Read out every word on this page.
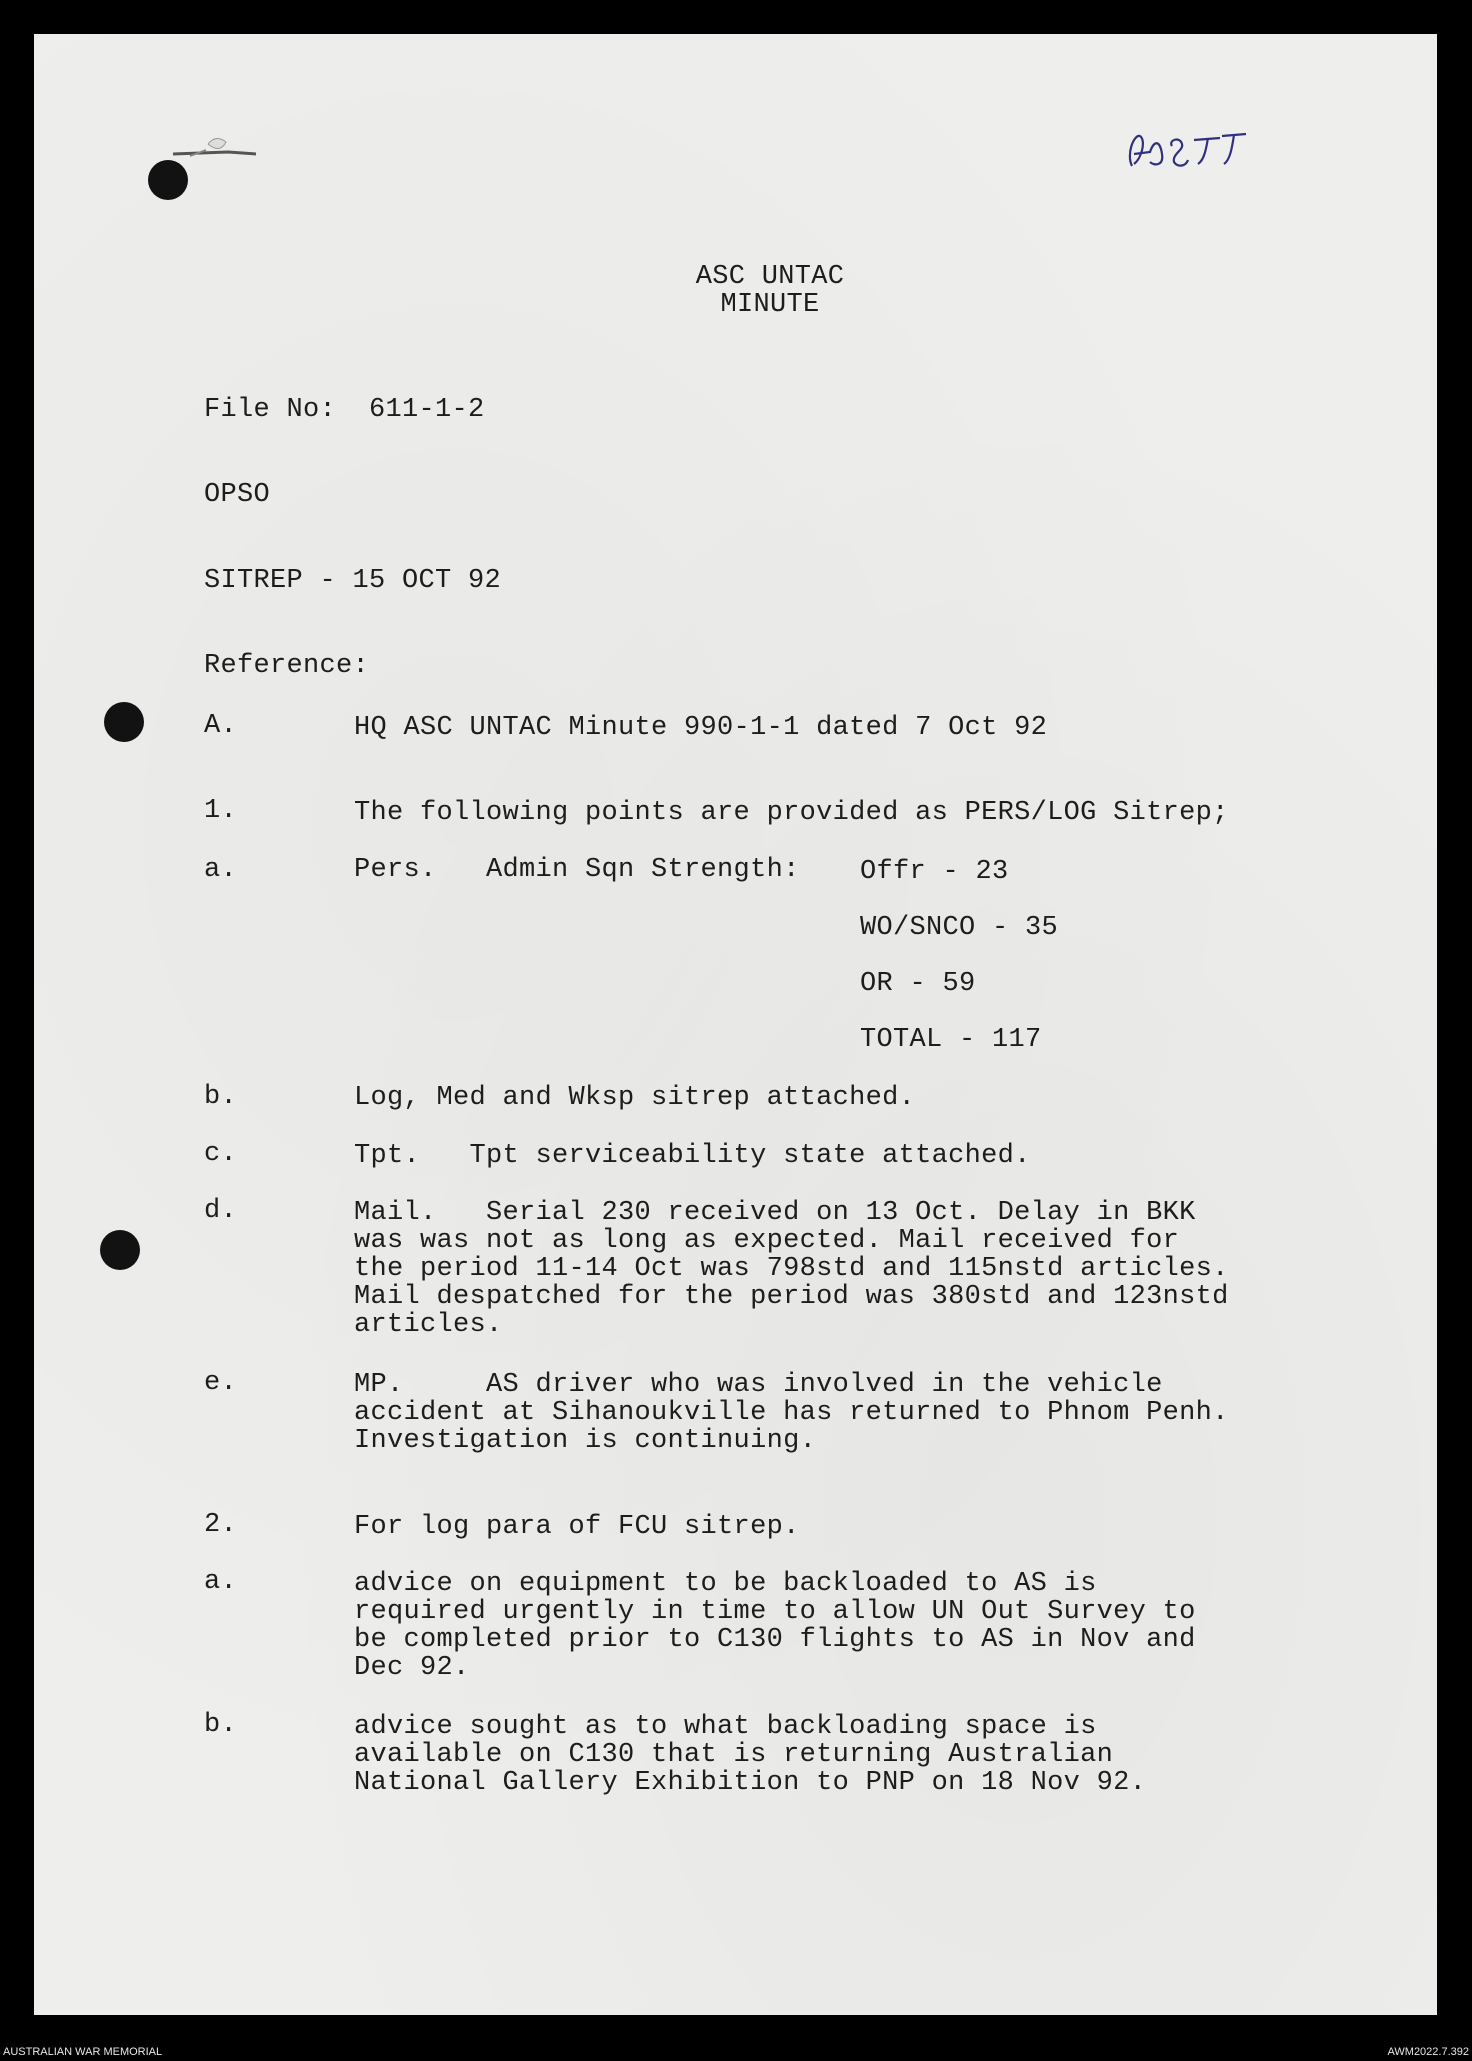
ASC UNTAC
MINUTE
File No:  611-1-2
OPSO
SITREP - 15 OCT 92
Reference:
A.	HQ ASC UNTAC Minute 990-1-1 dated 7 Oct 92
1.	The following points are provided as PERS/LOG Sitrep;
a.	Pers.   Admin Sqn Strength: Offr - 23
WO/SNCO - 35
OR - 59
TOTAL - 117
b.	Log, Med and Wksp sitrep attached.
c.	Tpt.   Tpt serviceability state attached.
d.	Mail.   Serial 230 received on 13 Oct. Delay in BKK
was was not as long as expected. Mail received for
the period 11-14 Oct was 798std and 115nstd articles.
Mail despatched for the period was 380std and 123nstd
articles.
e.	MP.     AS driver who was involved in the vehicle
accident at Sihanoukville has returned to Phnom Penh.
Investigation is continuing.
2.	For log para of FCU sitrep.
a.	advice on equipment to be backloaded to AS is
required urgently in time to allow UN Out Survey to
be completed prior to C130 flights to AS in Nov and
Dec 92.
b.	advice sought as to what backloading space is
available on C130 that is returning Australian
National Gallery Exhibition to PNP on 18 Nov 92.
AUSTRALIAN WAR MEMORIAL	AWM2022.7.392
